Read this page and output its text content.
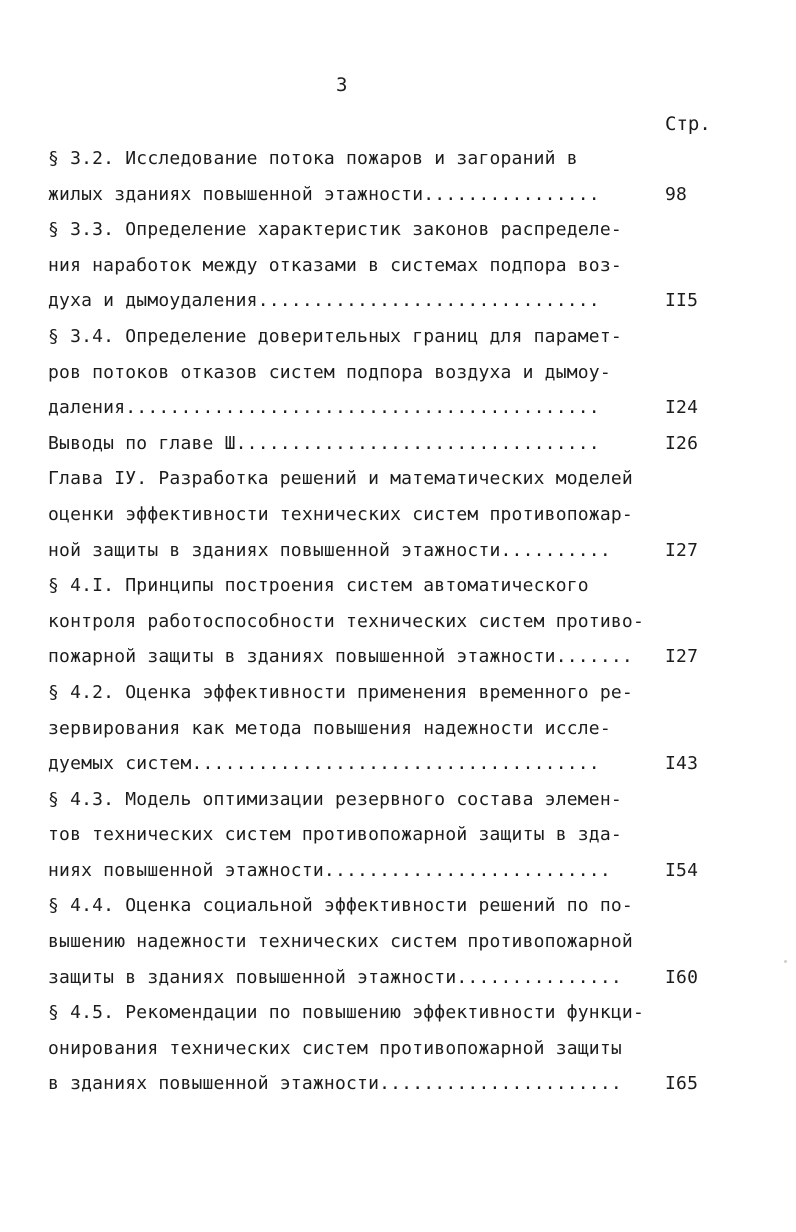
3
Стр.
§ 3.2. Исследование потока пожаров и загораний в
жилых зданиях повышенной этажности................	98
§ 3.3. Определение характеристик законов распределе-
ния наработок между отказами в системах подпора воз-
духа и дымоудаления...............................	II5
§ 3.4. Определение доверительных границ для парамет-
ров потоков отказов систем подпора воздуха и дымоу-
даления...........................................	I24
Выводы по главе Ш.................................	I26
Глава IУ. Разработка решений и математических моделей
оценки эффективности технических систем противопожар-
ной защиты в зданиях повышенной этажности..........	I27
§ 4.I. Принципы построения систем автоматического
контроля работоспособности технических систем противо-
пожарной защиты в зданиях повышенной этажности....... I27
§ 4.2. Оценка эффективности применения временного ре-
зервирования как метода повышения надежности иссле-
дуемых систем.....................................	I43
§ 4.3. Модель оптимизации резервного состава элемен-
тов технических систем противопожарной защиты в зда-
ниях повышенной этажности..........................	I54
§ 4.4. Оценка социальной эффективности решений по по-
вышению надежности технических систем противопожарной
защиты в зданиях повышенной этажности............... I60
§ 4.5. Рекомендации по повышению эффективности функци-
онирования технических систем противопожарной защиты
в зданиях повышенной этажности...................... I65
